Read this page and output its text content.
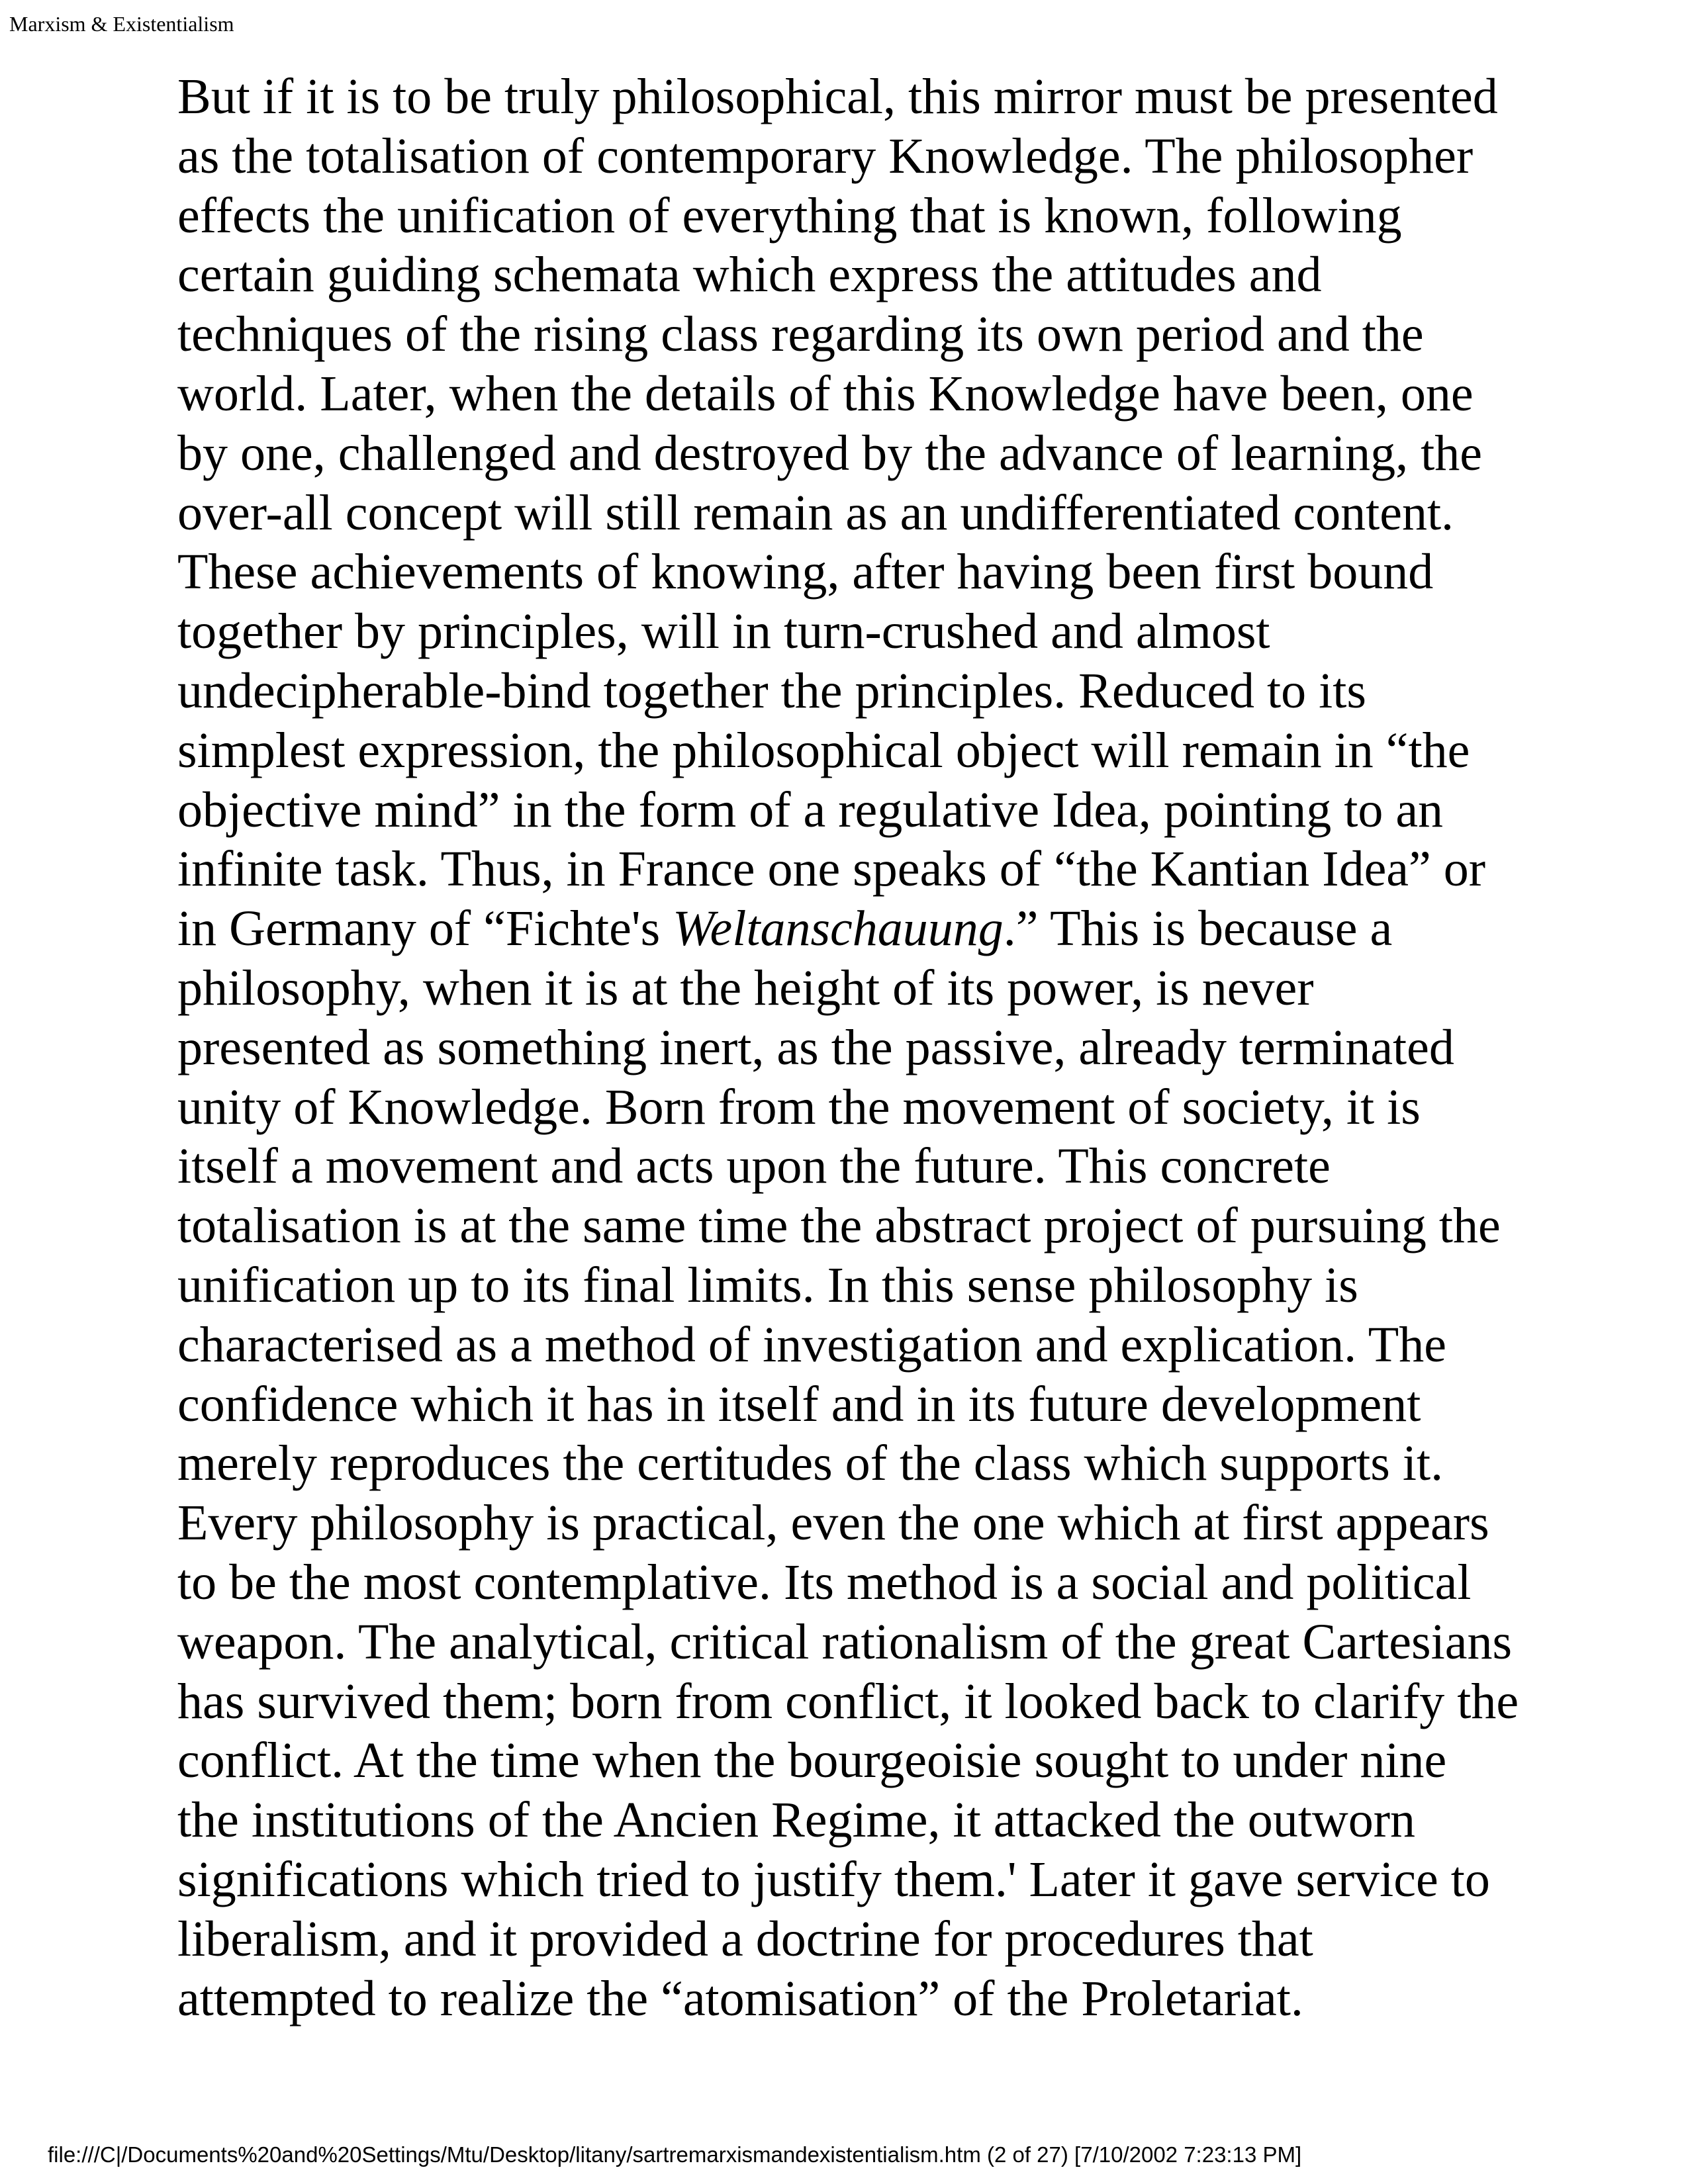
Marxism & Existentialism
But if it is to be truly philosophical, this mirror must be presented
as the totalisation of contemporary Knowledge. The philosopher
effects the unification of everything that is known, following
certain guiding schemata which express the attitudes and
techniques of the rising class regarding its own period and the
world. Later, when the details of this Knowledge have been, one
by one, challenged and destroyed by the advance of learning, the
over-all concept will still remain as an undifferentiated content.
These achievements of knowing, after having been first bound
together by principles, will in turn-crushed and almost
undecipherable-bind together the principles. Reduced to its
simplest expression, the philosophical object will remain in “the
objective mind” in the form of a regulative Idea, pointing to an
infinite task. Thus, in France one speaks of “the Kantian Idea” or
in Germany of “Fichte's Weltanschauung.” This is because a
philosophy, when it is at the height of its power, is never
presented as something inert, as the passive, already terminated
unity of Knowledge. Born from the movement of society, it is
itself a movement and acts upon the future. This concrete
totalisation is at the same time the abstract project of pursuing the
unification up to its final limits. In this sense philosophy is
characterised as a method of investigation and explication. The
confidence which it has in itself and in its future development
merely reproduces the certitudes of the class which supports it.
Every philosophy is practical, even the one which at first appears
to be the most contemplative. Its method is a social and political
weapon. The analytical, critical rationalism of the great Cartesians
has survived them; born from conflict, it looked back to clarify the
conflict. At the time when the bourgeoisie sought to under nine
the institutions of the Ancien Regime, it attacked the outworn
significations which tried to justify them.' Later it gave service to
liberalism, and it provided a doctrine for procedures that
attempted to realize the “atomisation” of the Proletariat.
file:///C|/Documents%20and%20Settings/Mtu/Desktop/litany/sartremarxismandexistentialism.htm (2 of 27) [7/10/2002 7:23:13 PM]
